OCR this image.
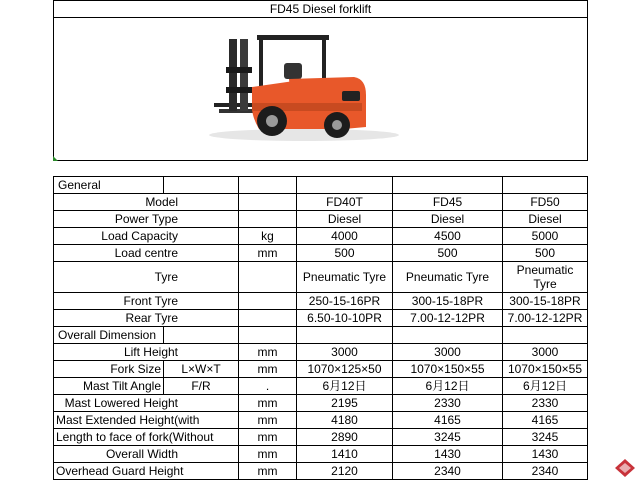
FD45 Diesel forklift
General					
Model			FD40T	FD45	FD50
Power Type			Diesel	Diesel	Diesel
Load Capacity		kg	4000	4500	5000
Load centre		mm	500	500	500
Tyre			Pneumatic Tyre	Pneumatic Tyre	Pneumatic Tyre
Front Tyre			250-15-16PR	300-15-18PR	300-15-18PR
Rear Tyre			6.50-10-10PR	7.00-12-12PR	7.00-12-12PR
Overall Dimension					
Lift Height		mm	3000	3000	3000
Fork Size	L×W×T	mm	1070×125×50	1070×150×55	1070×150×55
Mast Tilt Angle	F/R	.	6月12日	6月12日	6月12日
Mast Lowered Height		mm	2195	2330	2330
Mast Extended Height(with		mm	4180	4165	4165
Length to face of fork(Without		mm	2890	3245	3245
Overall Width		mm	1410	1430	1430
Overhead Guard Height		mm	2120	2340	2340
